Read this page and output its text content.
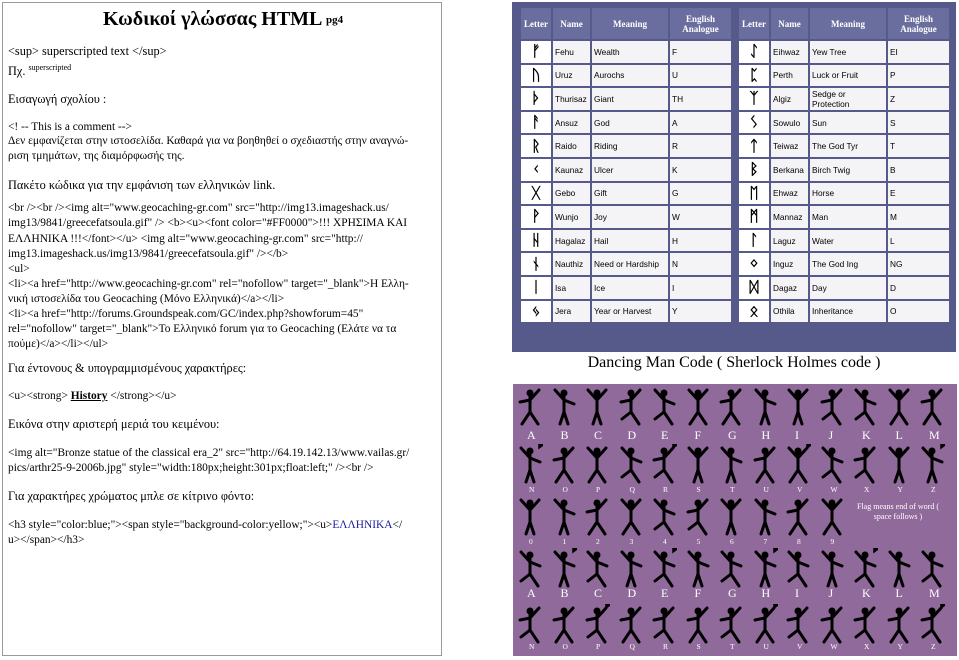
Κωδικοί γλώσσας HTML pg4

<sup> superscripted text </sup>

Πχ. $^{superscripted}$

Εισαγωγή σχολίου :

<! -- This is a comment -->

Δεν εμφανίζεται στην ιστοσελίδα. Καθαρά για να βοηθηθεί ο σχεδιαστής στην αναγνώ-

ριση τμημάτων, της διαμόρφωσής της.

Πακέτο κώδικα για την εμφάνιση των ελληνικών link.

<br /><br /><img alt="www.geocaching-gr.com" src="http://img13.imageshack.us/

img13/9841/greecefatsoula.gif" /> <b><u><font color="#FF0000">!!! ΧΡΗΣΙΜΑ ΚΑΙ

ΕΛΛΗΝΙΚΑ !!!</font></u> <img alt="www.geocaching-gr.com" src="http://

img13.imageshack.us/img13/9841/greecefatsoula.gif" /></b>

<ul>

<li><a href="http://www.geocaching-gr.com" rel="nofollow" target="_blank">Η Ελλη-

νική ιστοσελίδα του Geocaching (Μόνο Ελληνικά)</a></li>

<li><a href="http://forums.Groundspeak.com/GC/index.php?showforum=45"

rel="nofollow" target="_blank">Το Ελληνικό forum για το Geocaching (Ελάτε να τα

πούμε)</a></li></ul>

Για έντονους & υπογραμμισμένους χαρακτήρες:

<u><strong> History </strong></u>

Εικόνα στην αριστερή μεριά του κειμένου:

<img alt="Bronze statue of the classical era_2" src="http://64.19.142.13/www.vailas.gr/

pics/arthr25-9-2006b.jpg" style="width:180px;height:301px;float:left;" /><br />

Για χαρακτήρες χρώματος μπλε σε κίτρινο φόντο:

<h3 style="color:blue;"><span style="background-color:yellow;"><u>ΕΛΛΗΝΙΚΑ</

u></span></h3>

Letter	Name	Meaning	English Analogue
ᚠ	Fehu	Wealth	F
ᚢ	Uruz	Aurochs	U
ᚦ	Thurisaz	Giant	TH
ᚨ	Ansuz	God	A
ᚱ	Raido	Riding	R
ᚲ	Kaunaz	Ulcer	K
ᚷ	Gebo	Gift	G
ᚹ	Wunjo	Joy	W
ᚺ	Hagalaz	Hail	H
ᚾ	Nauthiz	Need or Hardship	N
ᛁ	Isa	Ice	I
ᛃ	Jera	Year or Harvest	Y
Letter	Name	Meaning	English Analogue
ᛇ	Eihwaz	Yew Tree	EI
ᛈ	Perth	Luck or Fruit	P
ᛉ	Algiz	Sedge or Protection	Z
ᛊ	Sowulo	Sun	S
ᛏ	Teiwaz	The God Tyr	T
ᛒ	Berkana	Birch Twig	B
ᛖ	Ehwaz	Horse	E
ᛗ	Mannaz	Man	M
ᛚ	Laguz	Water	L
ᛜ	Inguz	The God Ing	NG
ᛞ	Dagaz	Day	D
ᛟ	Othila	Inheritance	O
Dancing Man Code ( Sherlock Holmes code )
A B C D E F G H I J K L M
N	O	P	Q	R	S	T	U	V	W	X	Y	Z
Flag means end of word ( space follows )
0	1	2	3	4	5	6	7	8	9
A B C D E F G H I J K L M
N	O	P	Q	R	S	T	U	V	W	X	Y	Z
